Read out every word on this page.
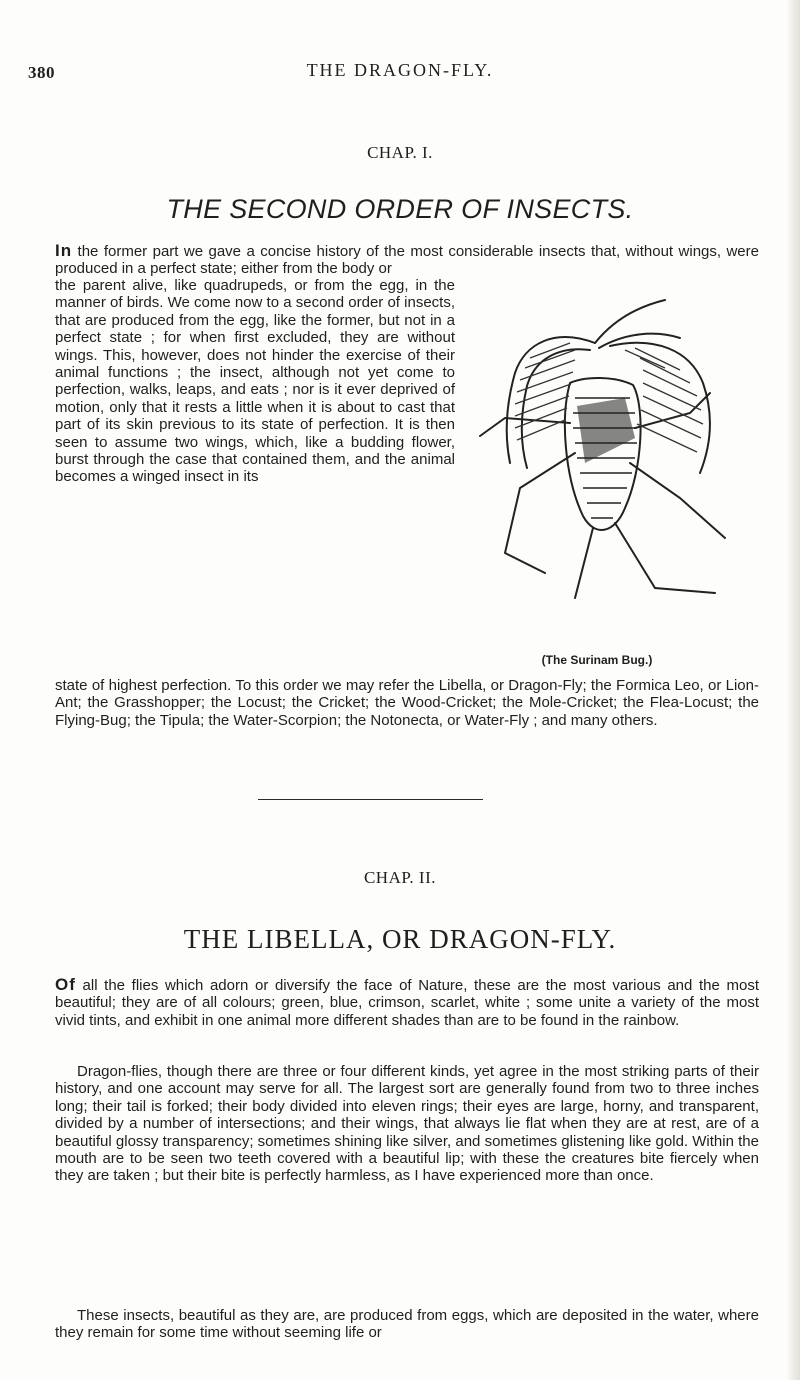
380	THE DRAGON-FLY.
CHAP. I.
THE SECOND ORDER OF INSECTS.
In the former part we gave a concise history of the most considerable insects that, without wings, were produced in a perfect state; either from the body or
the parent alive, like quadrupeds, or from the egg, in the manner of birds. We come now to a second order of insects, that are produced from the egg, like the former, but not in a perfect state ; for when first excluded, they are without wings. This, however, does not hinder the exercise of their animal functions ; the insect, although not yet come to perfection, walks, leaps, and eats ; nor is it ever deprived of motion, only that it rests a little when it is about to cast that part of its skin previous to its state of perfection. It is then seen to assume two wings, which, like a budding flower, burst through the case that contained them, and the animal becomes a winged insect in its
(The Surinam Bug.)
state of highest perfection. To this order we may refer the Libella, or Dragon-Fly; the Formica Leo, or Lion-Ant; the Grasshopper; the Locust; the Cricket; the Wood-Cricket; the Mole-Cricket; the Flea-Locust; the Flying-Bug; the Tipula; the Water-Scorpion; the Notonecta, or Water-Fly ; and many others.
CHAP. II.
THE LIBELLA, OR DRAGON-FLY.
Of all the flies which adorn or diversify the face of Nature, these are the most various and the most beautiful; they are of all colours; green, blue, crimson, scarlet, white ; some unite a variety of the most vivid tints, and exhibit in one animal more different shades than are to be found in the rainbow.
Dragon-flies, though there are three or four different kinds, yet agree in the most striking parts of their history, and one account may serve for all. The largest sort are generally found from two to three inches long; their tail is forked; their body divided into eleven rings; their eyes are large, horny, and transparent, divided by a number of intersections; and their wings, that always lie flat when they are at rest, are of a beautiful glossy transparency; sometimes shining like silver, and sometimes glistening like gold. Within the mouth are to be seen two teeth covered with a beautiful lip; with these the creatures bite fiercely when they are taken ; but their bite is perfectly harmless, as I have experienced more than once.
These insects, beautiful as they are, are produced from eggs, which are deposited in the water, where they remain for some time without seeming life or
